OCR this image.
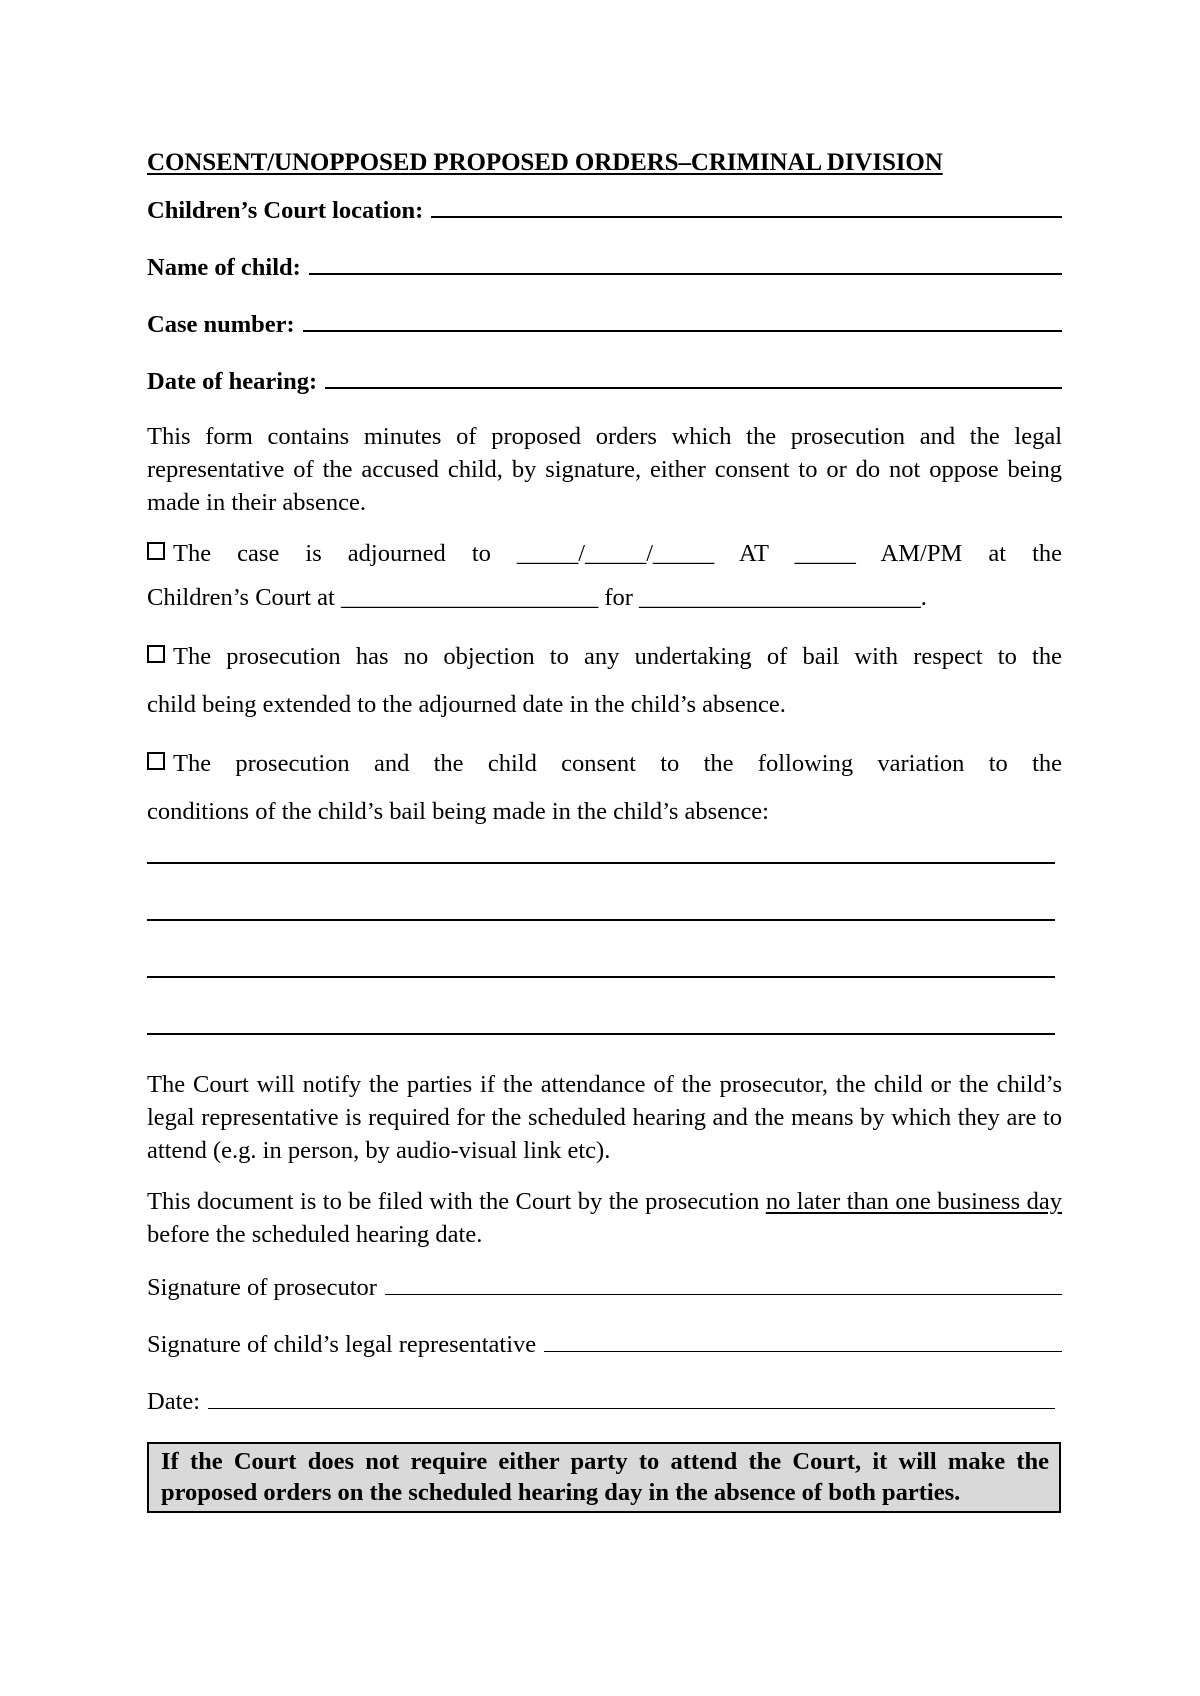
CONSENT/UNOPPOSED PROPOSED ORDERS–CRIMINAL DIVISION
Children’s Court location:
Name of child:
Case number:
Date of hearing:

This form contains minutes of proposed orders which the prosecution and the legal representative of the accused child, by signature, either consent to or do not oppose being made in their absence.

The case is adjourned to _____/_____/_____ AT _____ AM/PM at the
Children’s Court at _____________________ for _______________________.
The prosecution has no objection to any undertaking of bail with respect to the
child being extended to the adjourned date in the child’s absence.
The prosecution and the child consent to the following variation to the
conditions of the child’s bail being made in the child’s absence:

The Court will notify the parties if the attendance of the prosecutor, the child or the child’s legal representative is required for the scheduled hearing and the means by which they are to attend (e.g. in person, by audio-visual link etc).

This document is to be filed with the Court by the prosecution no later than one business day before the scheduled hearing date.

Signature of prosecutor
Signature of child’s legal representative
Date:
If the Court does not require either party to attend the Court, it will make the proposed orders on the scheduled hearing day in the absence of both parties.
